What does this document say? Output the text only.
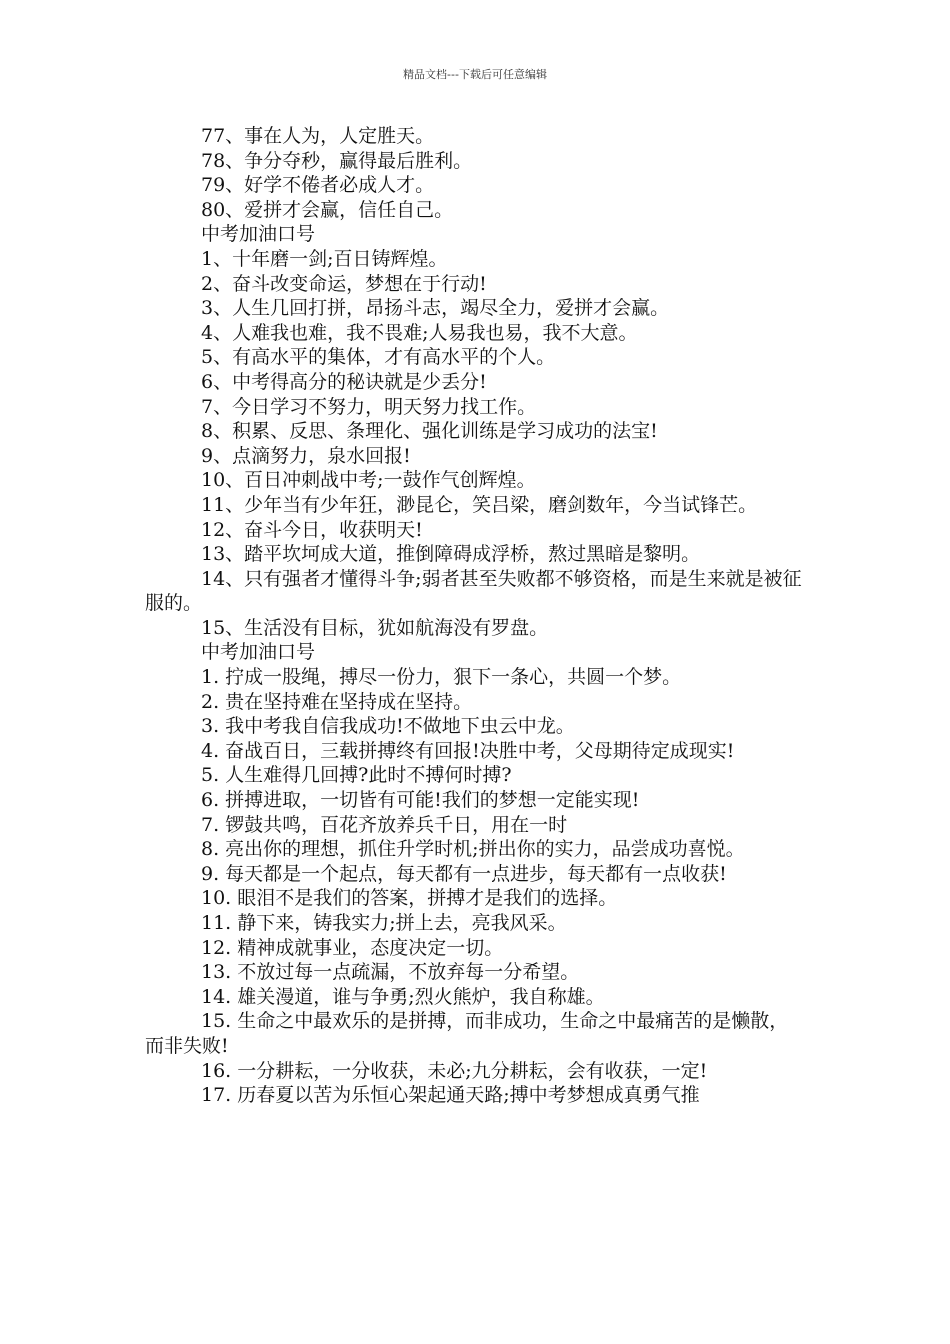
精品文档---下载后可任意编辑

77、事在人为，人定胜天。

78、争分夺秒，赢得最后胜利。

79、好学不倦者必成人才。

80、爱拼才会赢，信任自己。

中考加油口号

1、十年磨一剑;百日铸辉煌。

2、奋斗改变命运，梦想在于行动!

3、人生几回打拼，昂扬斗志，竭尽全力，爱拼才会赢。

4、人难我也难，我不畏难;人易我也易，我不大意。

5、有高水平的集体，才有高水平的个人。

6、中考得高分的秘诀就是少丢分!

7、今日学习不努力，明天努力找工作。

8、积累、反思、条理化、强化训练是学习成功的法宝!

9、点滴努力，泉水回报!

10、百日冲刺战中考;一鼓作气创辉煌。

11、少年当有少年狂，渺昆仑，笑吕梁，磨剑数年，今当试锋芒。

12、奋斗今日，收获明天!

13、踏平坎坷成大道，推倒障碍成浮桥，熬过黑暗是黎明。

14、只有强者才懂得斗争;弱者甚至失败都不够资格，而是生来就是被征服的。

15、生活没有目标，犹如航海没有罗盘。

中考加油口号

1. 拧成一股绳，搏尽一份力，狠下一条心，共圆一个梦。

2. 贵在坚持难在坚持成在坚持。

3. 我中考我自信我成功!不做地下虫云中龙。

4. 奋战百日，三载拼搏终有回报!决胜中考，父母期待定成现实!

5. 人生难得几回搏?此时不搏何时搏?

6. 拼搏进取，一切皆有可能!我们的梦想一定能实现!

7. 锣鼓共鸣，百花齐放养兵千日，用在一时

8. 亮出你的理想，抓住升学时机;拼出你的实力，品尝成功喜悦。

9. 每天都是一个起点，每天都有一点进步，每天都有一点收获!

10. 眼泪不是我们的答案，拼搏才是我们的选择。

11. 静下来，铸我实力;拼上去，亮我风采。

12. 精神成就事业，态度决定一切。

13. 不放过每一点疏漏，不放弃每一分希望。

14. 雄关漫道，谁与争勇;烈火熊炉，我自称雄。

15. 生命之中最欢乐的是拼搏，而非成功，生命之中最痛苦的是懒散，而非失败!

16. 一分耕耘，一分收获，未必;九分耕耘，会有收获，一定!

17. 历春夏以苦为乐恒心架起通天路;搏中考梦想成真勇气推
